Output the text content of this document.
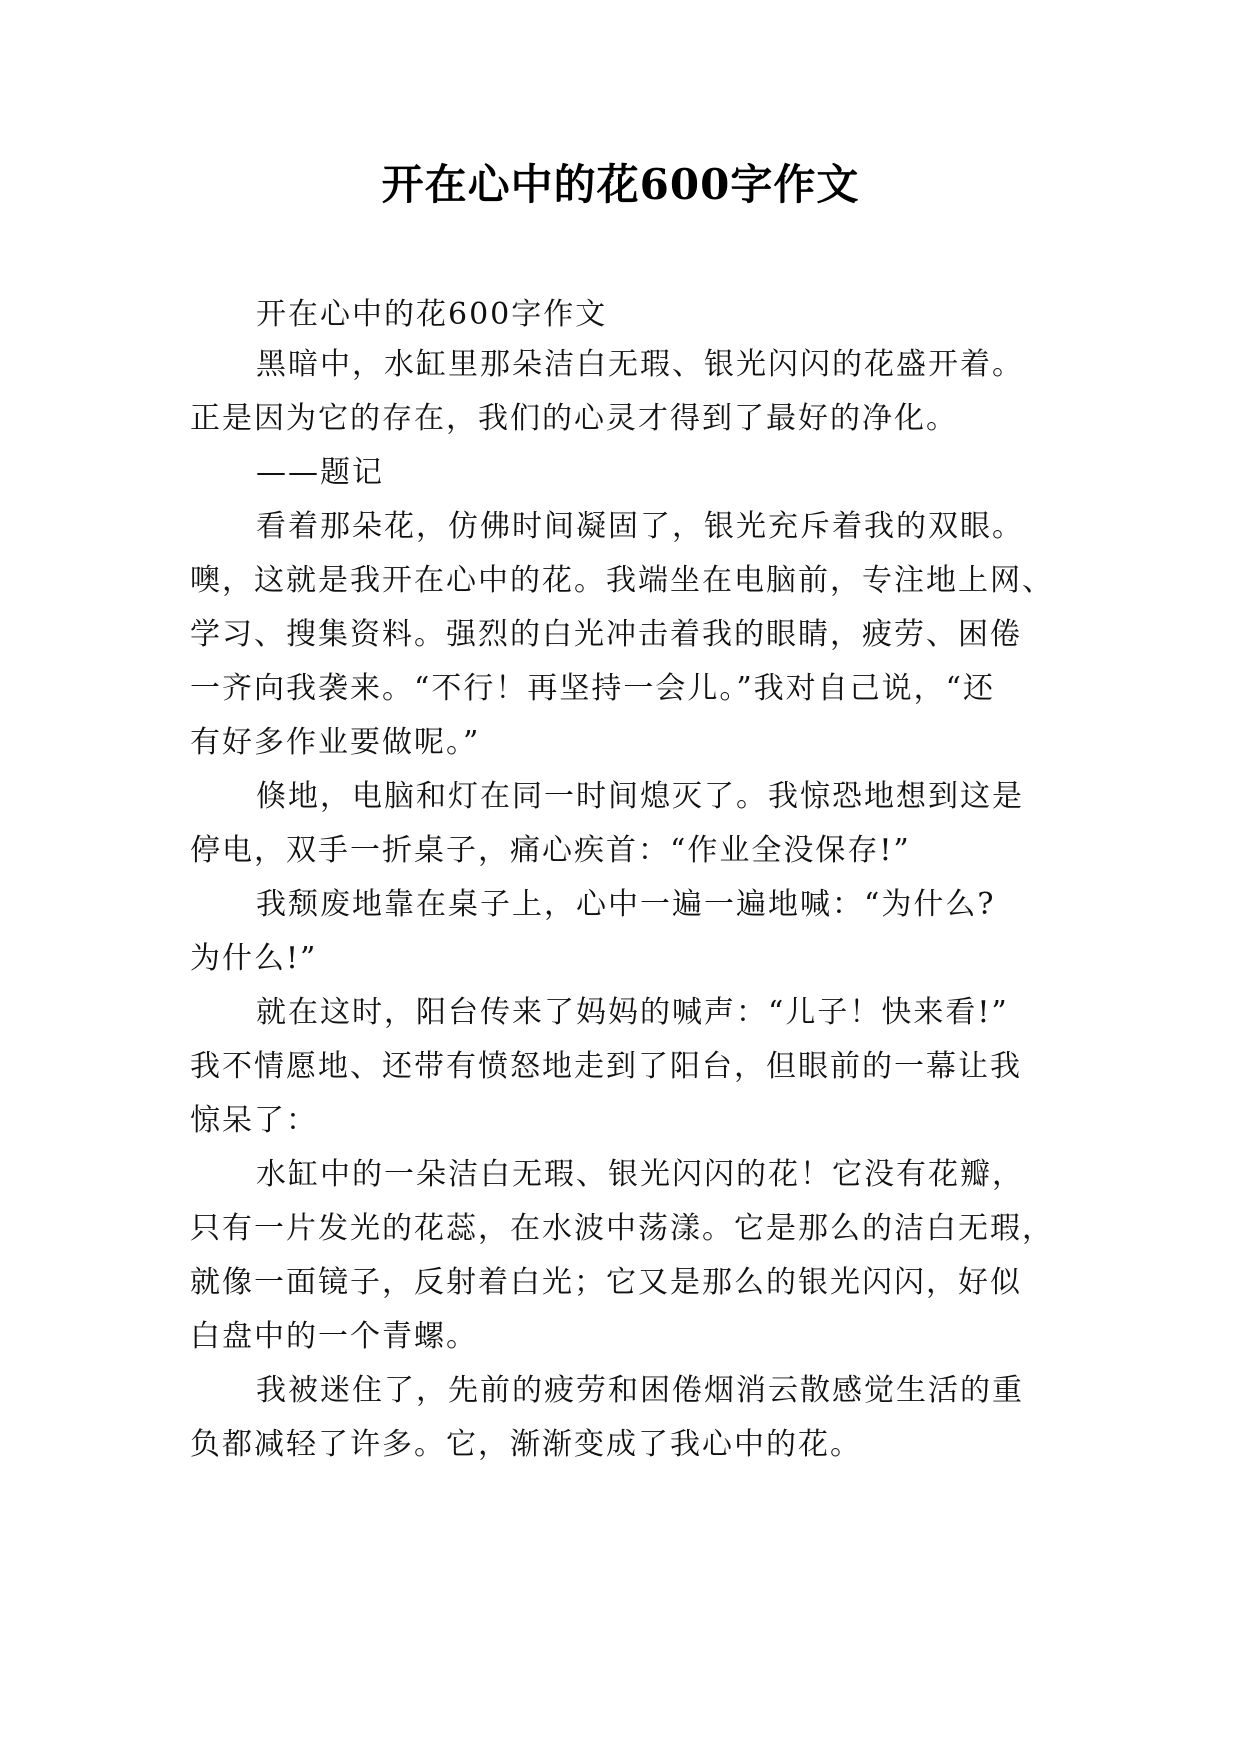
开在心中的花600字作文
开在心中的花600字作文
黑暗中，水缸里那朵洁白无瑕、银光闪闪的花盛开着。
正是因为它的存在，我们的心灵才得到了最好的净化。
——题记
看着那朵花，仿佛时间凝固了，银光充斥着我的双眼。
噢，这就是我开在心中的花。我端坐在电脑前，专注地上网、
学习、搜集资料。强烈的白光冲击着我的眼睛，疲劳、困倦
一齐向我袭来。“不行！再坚持一会儿。”我对自己说，“还
有好多作业要做呢。”
倏地，电脑和灯在同一时间熄灭了。我惊恐地想到这是
停电，双手一折桌子，痛心疾首：“作业全没保存!”
我颓废地靠在桌子上，心中一遍一遍地喊：“为什么?
为什么!”
就在这时，阳台传来了妈妈的喊声：“儿子！快来看!”
我不情愿地、还带有愤怒地走到了阳台，但眼前的一幕让我
惊呆了：
水缸中的一朵洁白无瑕、银光闪闪的花！它没有花瓣，
只有一片发光的花蕊，在水波中荡漾。它是那么的洁白无瑕，
就像一面镜子，反射着白光；它又是那么的银光闪闪，好似
白盘中的一个青螺。
我被迷住了，先前的疲劳和困倦烟消云散感觉生活的重
负都减轻了许多。它，渐渐变成了我心中的花。
